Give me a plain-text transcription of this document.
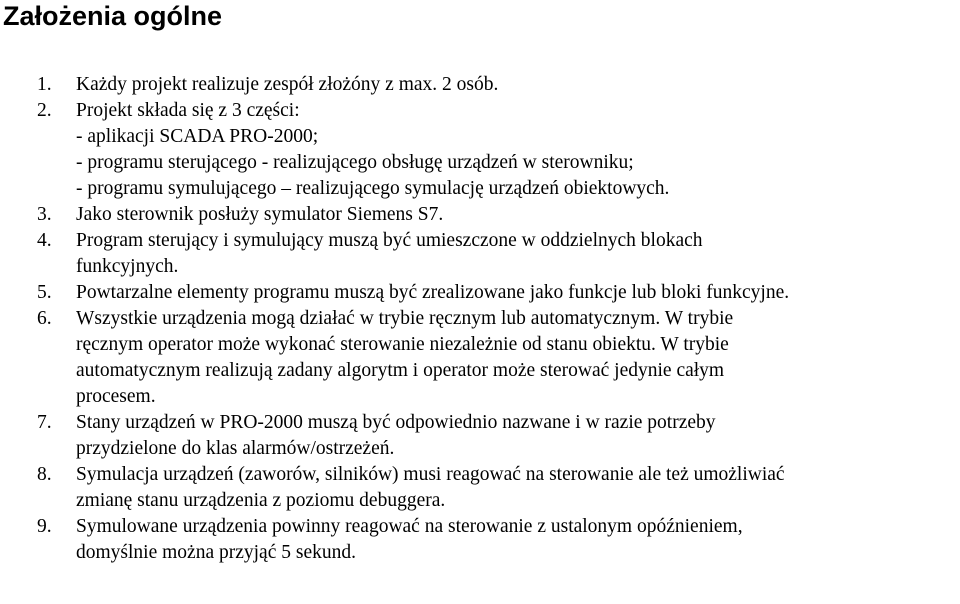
Założenia ogólne
1. Każdy projekt realizuje zespół złożóny z max. 2 osób.
2. Projekt składa się z 3 części:
- aplikacji SCADA PRO-2000;
- programu sterującego - realizującego obsługę urządzeń w sterowniku;
- programu symulującego – realizującego symulację urządzeń obiektowych.
3. Jako sterownik posłuży symulator Siemens S7.
4. Program sterujący i symulujący muszą być umieszczone w oddzielnych blokach
funkcyjnych.
5. Powtarzalne elementy programu muszą być zrealizowane jako funkcje lub bloki funkcyjne.
6. Wszystkie urządzenia mogą działać w trybie ręcznym lub automatycznym. W trybie
ręcznym operator może wykonać sterowanie niezależnie od stanu obiektu. W trybie
automatycznym realizują zadany algorytm i operator może sterować jedynie całym
procesem.
7. Stany urządzeń w PRO-2000 muszą być odpowiednio nazwane i w razie potrzeby
przydzielone do klas alarmów/ostrzeżeń.
8. Symulacja urządzeń (zaworów, silników) musi reagować na sterowanie ale też umożliwiać
zmianę stanu urządzenia z poziomu debuggera.
9. Symulowane urządzenia powinny reagować na sterowanie z ustalonym opóźnieniem,
domyślnie można przyjąć 5 sekund.
